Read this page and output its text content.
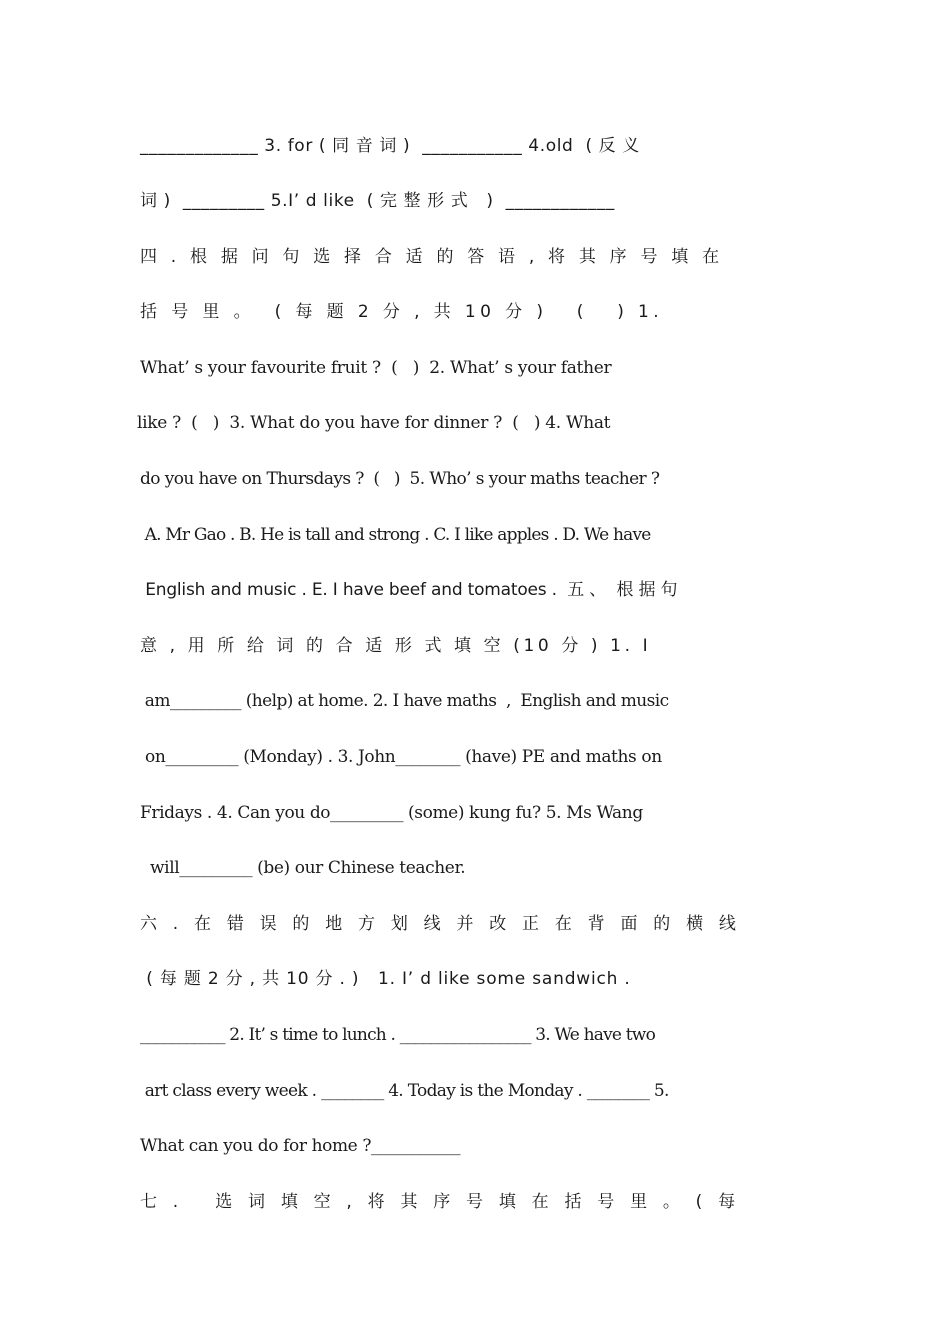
_____________ 3. for ( 同 音 词 )  ___________ 4.old  ( 反 义
词 )  _________ 5.I’ d like  ( 完 整 形 式   )  ____________
四 . 根 据 问 句 选 择 合 适 的 答 语 , 将 其 序 号 填 在
括 号 里 。  ( 每 题 2 分 , 共 10 分 )   (   ) 1.
What’ s your favourite fruit ?  (   )  2. What’ s your father
like ?  (   )  3. What do you have for dinner ?  (   ) 4. What
do you have on Thursdays ?  (   )  5. Who’ s your maths teacher ?
A. Mr Gao . B. He is tall and strong . C. I like apples . D. We have
English and music . E. I have beef and tomatoes .  五 、  根 据 句
意 , 用 所 给 词 的 合 适 形 式 填 空 (10 分 ) 1. I
am_________ (help) at home. 2. I have maths  ,  English and music
on_________ (Monday) . 3. John________ (have) PE and maths on
Fridays . 4. Can you do_________ (some) kung fu? 5. Ms Wang
will_________ (be) our Chinese teacher.
六 . 在 错 误 的 地 方 划 线 并 改 正 在 背 面 的 横 线
( 每 题 2 分 , 共 10 分 . )   1. I’ d like some sandwich .
___________ 2. It’ s time to lunch . _________________ 3. We have two
art class every week . ________ 4. Today is the Monday . ________ 5.
What can you do for home ?___________
七 .   选 词 填 空 , 将 其 序 号 填 在 括 号 里 。 ( 每
